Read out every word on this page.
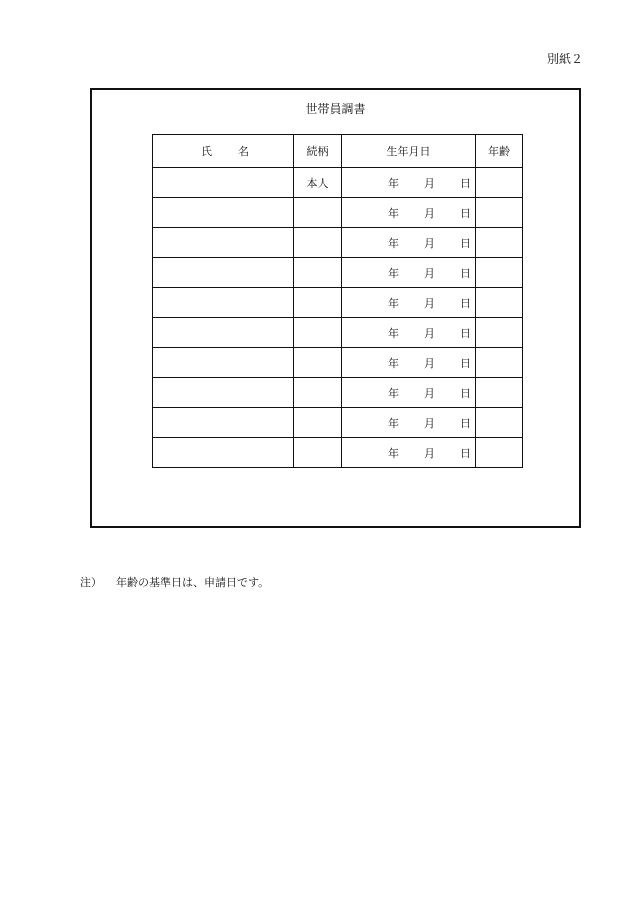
別紙２
世帯員調書
氏 名	続柄	生年月日	年齢
	本人	年 月 日	

		年 月 日	

		年 月 日	

		年 月 日	

		年 月 日	

		年 月 日	

		年 月 日	

		年 月 日	

		年 月 日	

		年 月 日	

注） 年齢の基準日は、申請日です。
